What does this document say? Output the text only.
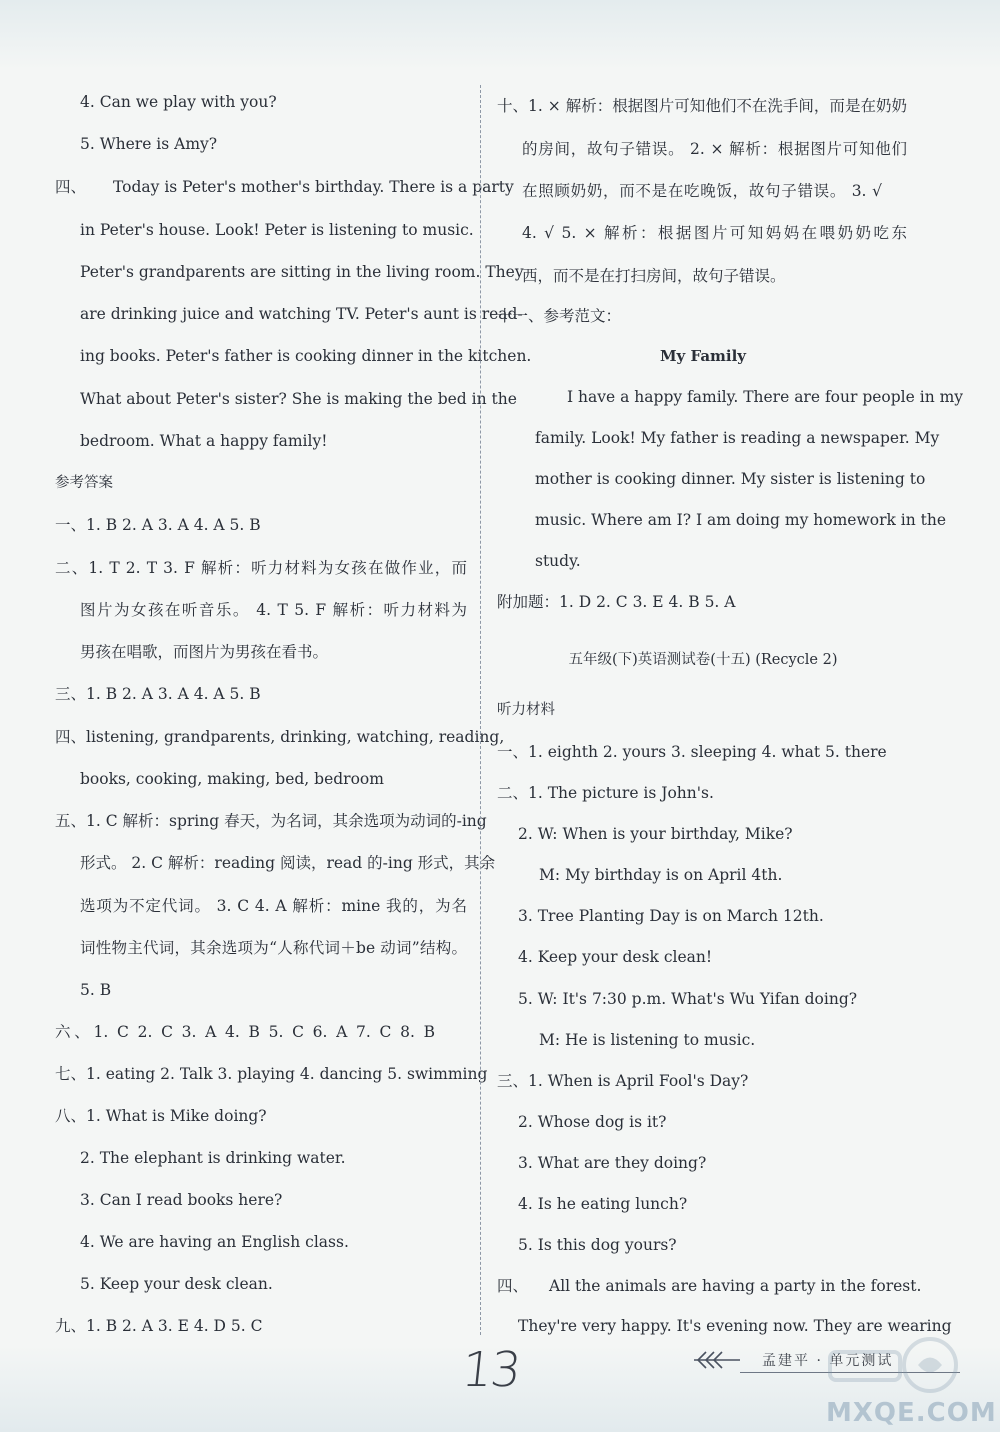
4. Can we play with you?
5. Where is Amy?
四、 Today is Peter's mother's birthday. There is a party
in Peter's house. Look! Peter is listening to music.
Peter's grandparents are sitting in the living room. They
are drinking juice and watching TV. Peter's aunt is read-
ing books. Peter's father is cooking dinner in the kitchen.
What about Peter's sister? She is making the bed in the
bedroom. What a happy family!
参考答案
一、1. B 2. A 3. A 4. A 5. B
二、1. T 2. T 3. F 解析：听力材料为女孩在做作业，而
图片为女孩在听音乐。 4. T 5. F 解析：听力材料为
男孩在唱歌，而图片为男孩在看书。
三、1. B 2. A 3. A 4. A 5. B
四、listening, grandparents, drinking, watching, reading,
books, cooking, making, bed, bedroom
五、1. C 解析：spring 春天，为名词，其余选项为动词的-ing
形式。 2. C 解析：reading 阅读，read 的-ing 形式，其余
选项为不定代词。 3. C 4. A 解析：mine 我的，为名
词性物主代词，其余选项为“人称代词＋be 动词”结构。
5. B
六、1. C 2. C 3. A 4. B 5. C 6. A 7. C 8. B
七、1. eating 2. Talk 3. playing 4. dancing 5. swimming
八、1. What is Mike doing?
2. The elephant is drinking water.
3. Can I read books here?
4. We are having an English class.
5. Keep your desk clean.
九、1. B 2. A 3. E 4. D 5. C
十、1. × 解析：根据图片可知他们不在洗手间，而是在奶奶
的房间，故句子错误。 2. × 解析：根据图片可知他们
在照顾奶奶，而不是在吃晚饭，故句子错误。 3. √
4. √ 5. × 解析：根据图片可知妈妈在喂奶奶吃东
西，而不是在打扫房间，故句子错误。
十一、参考范文：
My Family
I have a happy family. There are four people in my
family. Look! My father is reading a newspaper. My
mother is cooking dinner. My sister is listening to
music. Where am I? I am doing my homework in the
study.
附加题：1. D 2. C 3. E 4. B 5. A
五年级(下)英语测试卷(十五) (Recycle 2)
听力材料
一、1. eighth 2. yours 3. sleeping 4. what 5. there
二、1. The picture is John's.
2. W: When is your birthday, Mike?
M: My birthday is on April 4th.
3. Tree Planting Day is on March 12th.
4. Keep your desk clean!
5. W: It's 7:30 p.m. What's Wu Yifan doing?
M: He is listening to music.
三、1. When is April Fool's Day?
2. Whose dog is it?
3. What are they doing?
4. Is he eating lunch?
5. Is this dog yours?
四、 All the animals are having a party in the forest.
They're very happy. It's evening now. They are wearing
13	孟建平 · 单元测试
MXQE.COM
